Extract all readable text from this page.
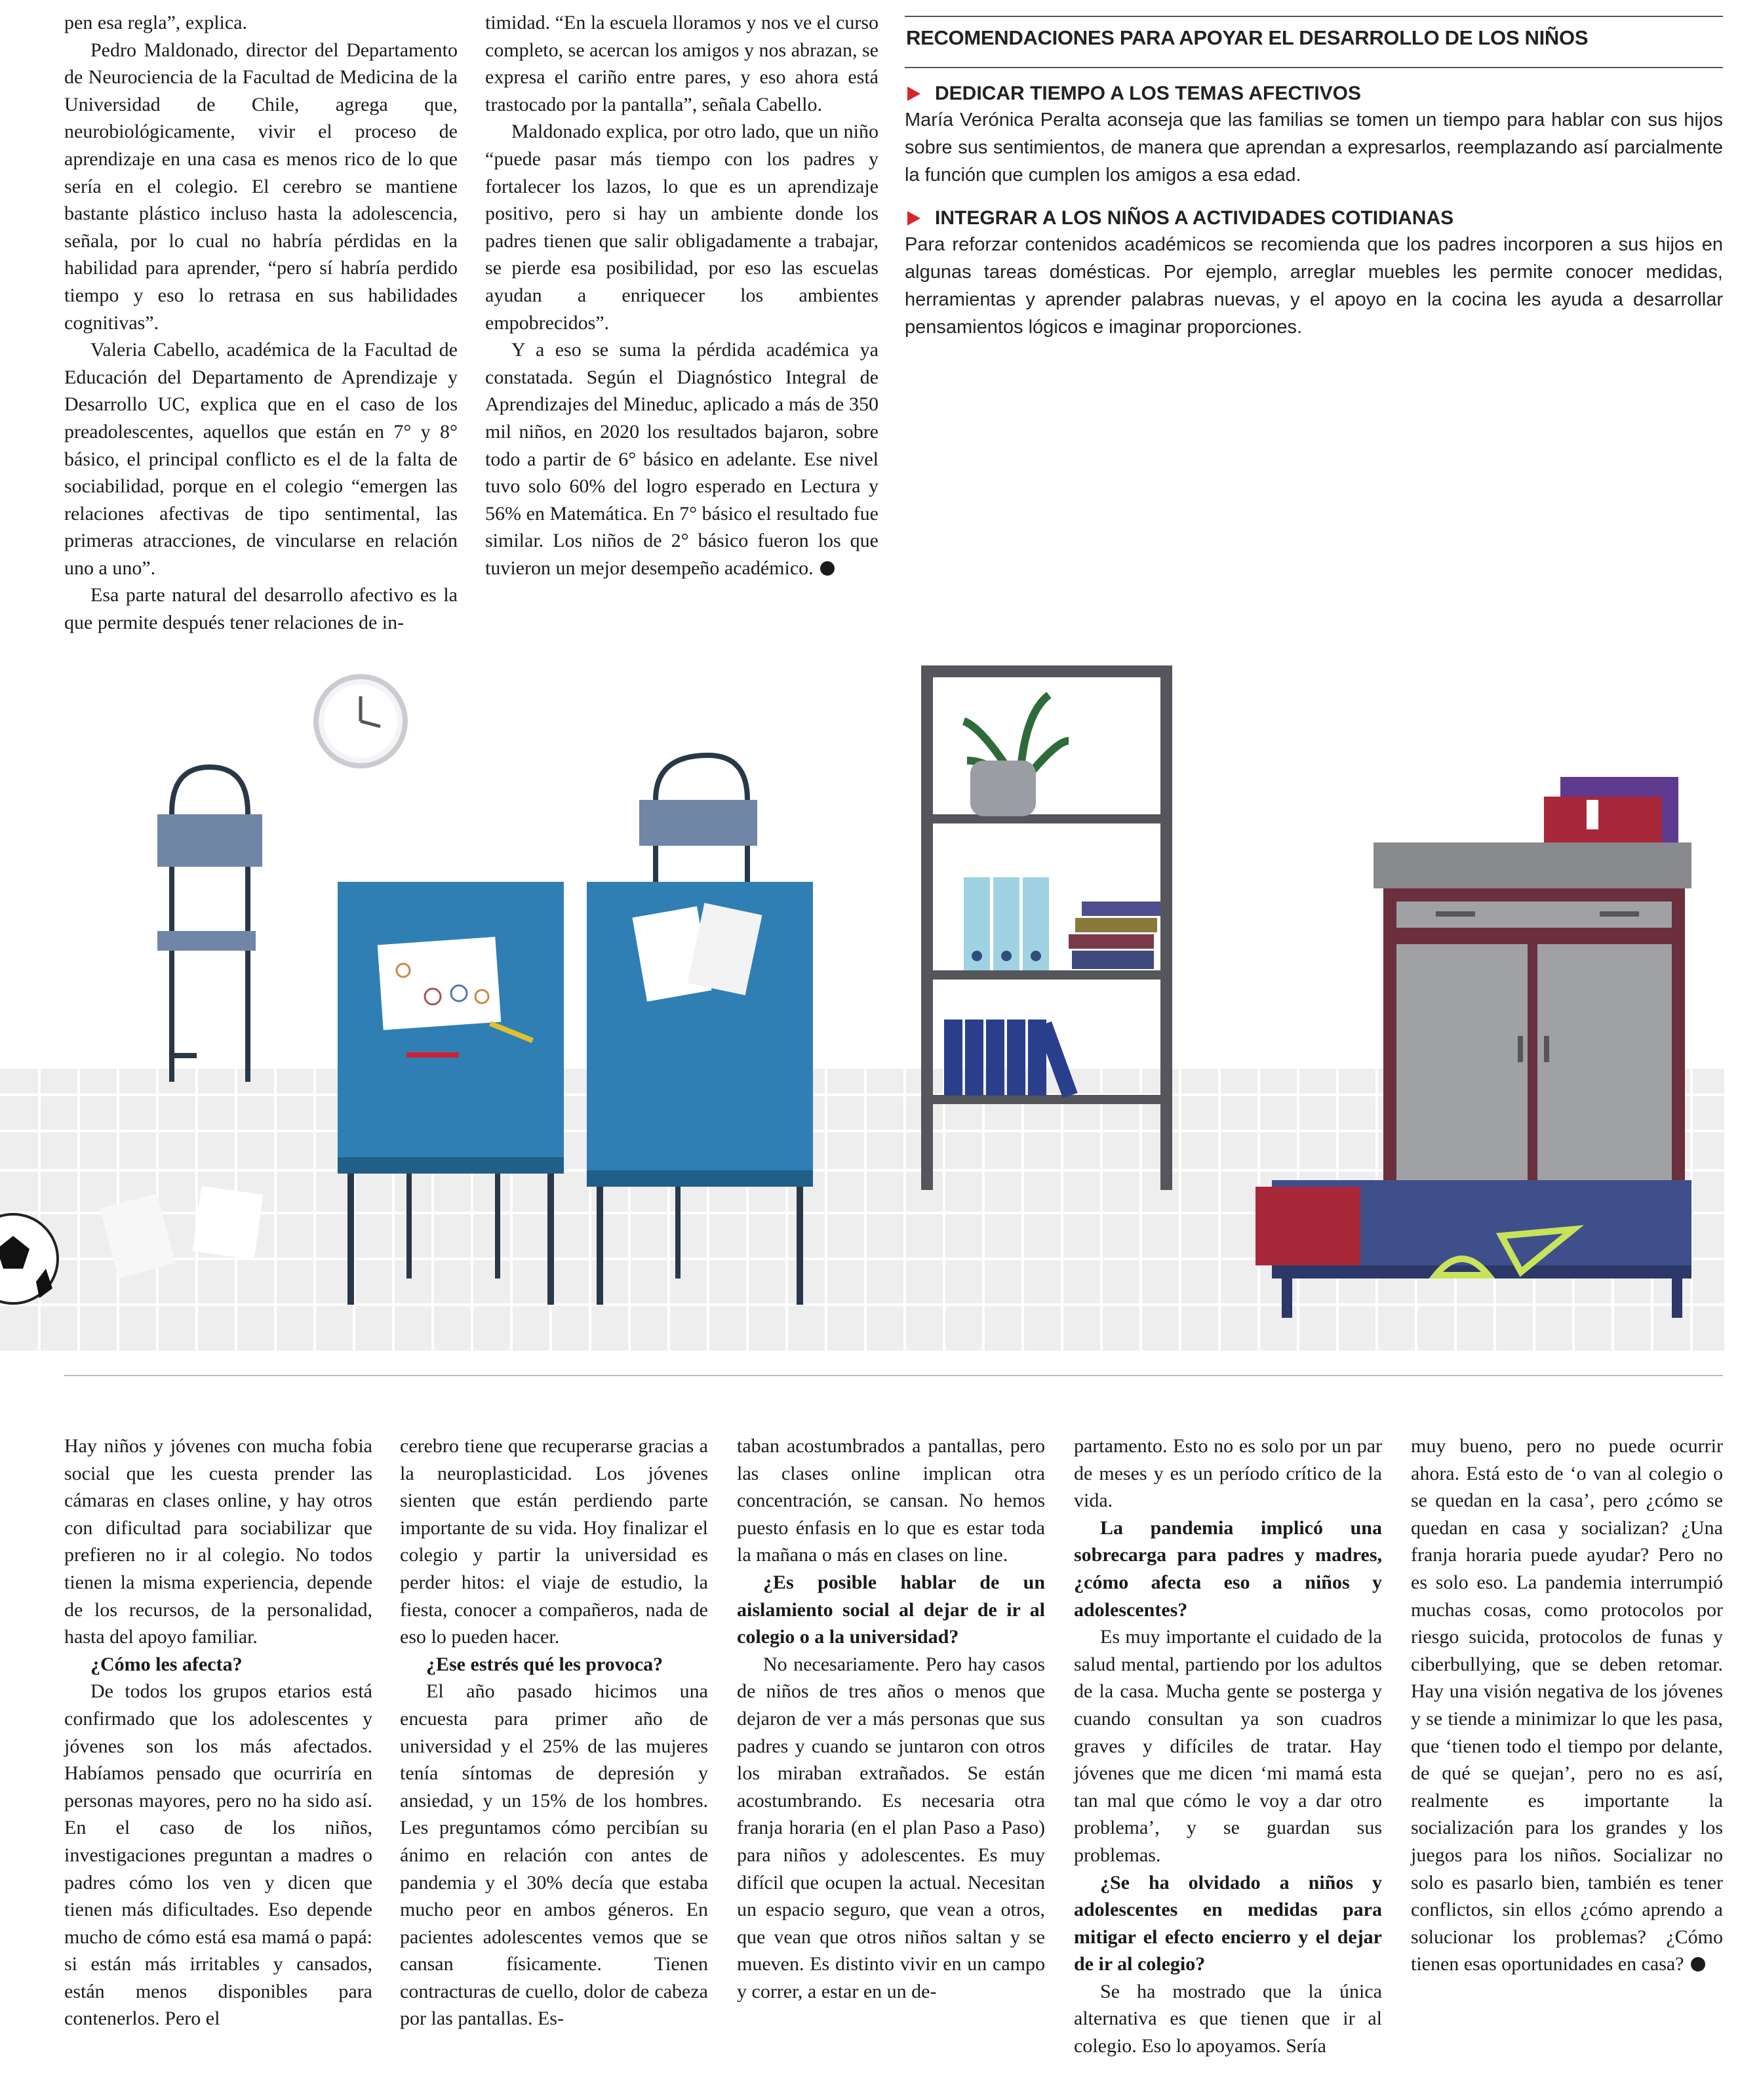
pen esa regla”, explica.

Pedro Maldonado, director del Departamento de Neurociencia de la Facultad de Medicina de la Universidad de Chile, agrega que, neurobiológicamente, vivir el proceso de aprendizaje en una casa es menos rico de lo que sería en el colegio. El cerebro se mantiene bastante plástico incluso hasta la adolescencia, señala, por lo cual no habría pérdidas en la habilidad para aprender, “pero sí habría perdido tiempo y eso lo retrasa en sus habilidades cognitivas”.

Valeria Cabello, académica de la Facultad de Educación del Departamento de Aprendizaje y Desarrollo UC, explica que en el caso de los preadolescentes, aquellos que están en 7° y 8° básico, el principal conflicto es el de la falta de sociabilidad, porque en el colegio “emergen las relaciones afectivas de tipo sentimental, las primeras atracciones, de vincularse en relación uno a uno”.

Esa parte natural del desarrollo afectivo es la que permite después tener relaciones de in-

timidad. “En la escuela lloramos y nos ve el curso completo, se acercan los amigos y nos abrazan, se expresa el cariño entre pares, y eso ahora está trastocado por la pantalla”, señala Cabello.

Maldonado explica, por otro lado, que un niño “puede pasar más tiempo con los padres y fortalecer los lazos, lo que es un aprendizaje positivo, pero si hay un ambiente donde los padres tienen que salir obligadamente a trabajar, se pierde esa posibilidad, por eso las escuelas ayudan a enriquecer los ambientes empobrecidos”.

Y a eso se suma la pérdida académica ya constatada. Según el Diagnóstico Integral de Aprendizajes del Mineduc, aplicado a más de 350 mil niños, en 2020 los resultados bajaron, sobre todo a partir de 6° básico en adelante. Ese nivel tuvo solo 60% del logro esperado en Lectura y 56% en Matemática. En 7° básico el resultado fue similar. Los niños de 2° básico fueron los que tuvieron un mejor desempeño académico.

RECOMENDACIONES PARA APOYAR EL DESARROLLO DE LOS NIÑOS
DEDICAR TIEMPO A LOS TEMAS AFECTIVOS

María Verónica Peralta aconseja que las familias se tomen un tiempo para hablar con sus hijos sobre sus sentimientos, de manera que aprendan a expresarlos, reemplazando así parcialmente la función que cumplen los amigos a esa edad.

INTEGRAR A LOS NIÑOS A ACTIVIDADES COTIDIANAS

Para reforzar contenidos académicos se recomienda que los padres incorporen a sus hijos en algunas tareas domésticas. Por ejemplo, arreglar muebles les permite conocer medidas, herramientas y aprender palabras nuevas, y el apoyo en la cocina les ayuda a desarrollar pensamientos lógicos e imaginar proporciones.

Hay niños y jóvenes con mucha fobia social que les cuesta prender las cámaras en clases online, y hay otros con dificultad para sociabilizar que prefieren no ir al colegio. No todos tienen la misma experiencia, depende de los recursos, de la personalidad, hasta del apoyo familiar.

¿Cómo les afecta?

De todos los grupos etarios está confirmado que los adolescentes y jóvenes son los más afectados. Habíamos pensado que ocurriría en personas mayores, pero no ha sido así. En el caso de los niños, investigaciones preguntan a madres o padres cómo los ven y dicen que tienen más dificultades. Eso depende mucho de cómo está esa mamá o papá: si están más irritables y cansados, están menos disponibles para contenerlos. Pero el

cerebro tiene que recuperarse gracias a la neuroplasticidad. Los jóvenes sienten que están perdiendo parte importante de su vida. Hoy finalizar el colegio y partir la universidad es perder hitos: el viaje de estudio, la fiesta, conocer a compañeros, nada de eso lo pueden hacer.

¿Ese estrés qué les provoca?

El año pasado hicimos una encuesta para primer año de universidad y el 25% de las mujeres tenía síntomas de depresión y ansiedad, y un 15% de los hombres. Les preguntamos cómo percibían su ánimo en relación con antes de pandemia y el 30% decía que estaba mucho peor en ambos géneros. En pacientes adolescentes vemos que se cansan físicamente. Tienen contracturas de cuello, dolor de cabeza por las pantallas. Es-

taban acostumbrados a pantallas, pero las clases online implican otra concentración, se cansan. No hemos puesto énfasis en lo que es estar toda la mañana o más en clases on line.

¿Es posible hablar de un aislamiento social al dejar de ir al colegio o a la universidad?

No necesariamente. Pero hay casos de niños de tres años o menos que dejaron de ver a más personas que sus padres y cuando se juntaron con otros los miraban extrañados. Se están acostumbrando. Es necesaria otra franja horaria (en el plan Paso a Paso) para niños y adolescentes. Es muy difícil que ocupen la actual. Necesitan un espacio seguro, que vean a otros, que vean que otros niños saltan y se mueven. Es distinto vivir en un campo y correr, a estar en un de-

partamento. Esto no es solo por un par de meses y es un período crítico de la vida.

La pandemia implicó una sobrecarga para padres y madres, ¿cómo afecta eso a niños y adolescentes?

Es muy importante el cuidado de la salud mental, partiendo por los adultos de la casa. Mucha gente se posterga y cuando consultan ya son cuadros graves y difíciles de tratar. Hay jóvenes que me dicen ‘mi mamá esta tan mal que cómo le voy a dar otro problema’, y se guardan sus problemas.

¿Se ha olvidado a niños y adolescentes en medidas para mitigar el efecto encierro y el dejar de ir al colegio?

Se ha mostrado que la única alternativa es que tienen que ir al colegio. Eso lo apoyamos. Sería

muy bueno, pero no puede ocurrir ahora. Está esto de ‘o van al colegio o se quedan en la casa’, pero ¿cómo se quedan en casa y socializan? ¿Una franja horaria puede ayudar? Pero no es solo eso. La pandemia interrumpió muchas cosas, como protocolos por riesgo suicida, protocolos de funas y ciberbullying, que se deben retomar. Hay una visión negativa de los jóvenes y se tiende a minimizar lo que les pasa, que ‘tienen todo el tiempo por delante, de qué se quejan’, pero no es así, realmente es importante la socialización para los grandes y los juegos para los niños. Socializar no solo es pasarlo bien, también es tener conflictos, sin ellos ¿cómo aprendo a solucionar los problemas? ¿Cómo tienen esas oportunidades en casa?
